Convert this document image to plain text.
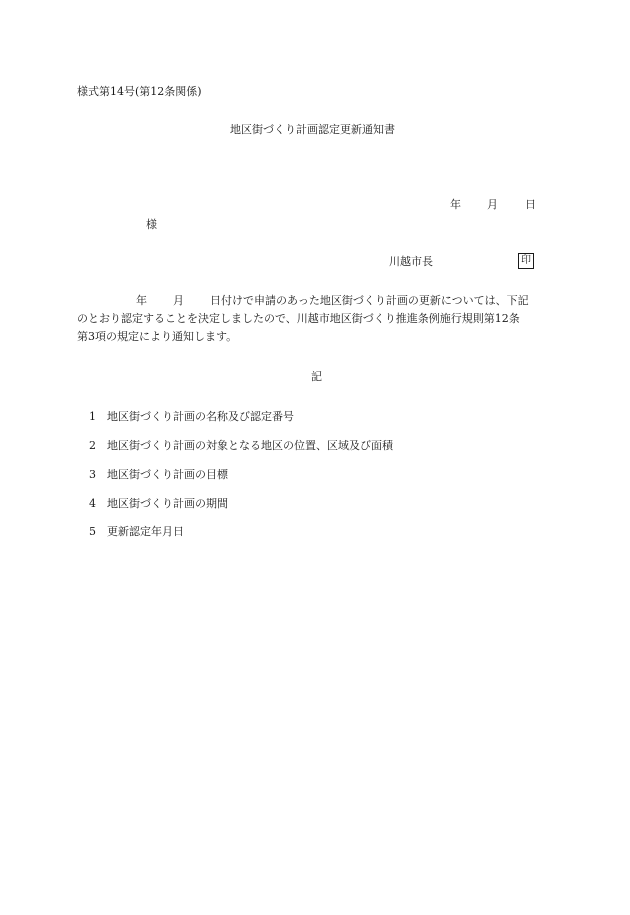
様式第14号(第12条関係)
地区街づくり計画認定更新通知書
年 月 日
様
川越市長	印
年 月 日付けで申請のあった地区街づくり計画の更新については、下記
のとおり認定することを決定しましたので、川越市地区街づくり推進条例施行規則第12条
第3項の規定により通知します。
記
1 地区街づくり計画の名称及び認定番号
2 地区街づくり計画の対象となる地区の位置、区域及び面積
3 地区街づくり計画の目標
4 地区街づくり計画の期間
5 更新認定年月日
